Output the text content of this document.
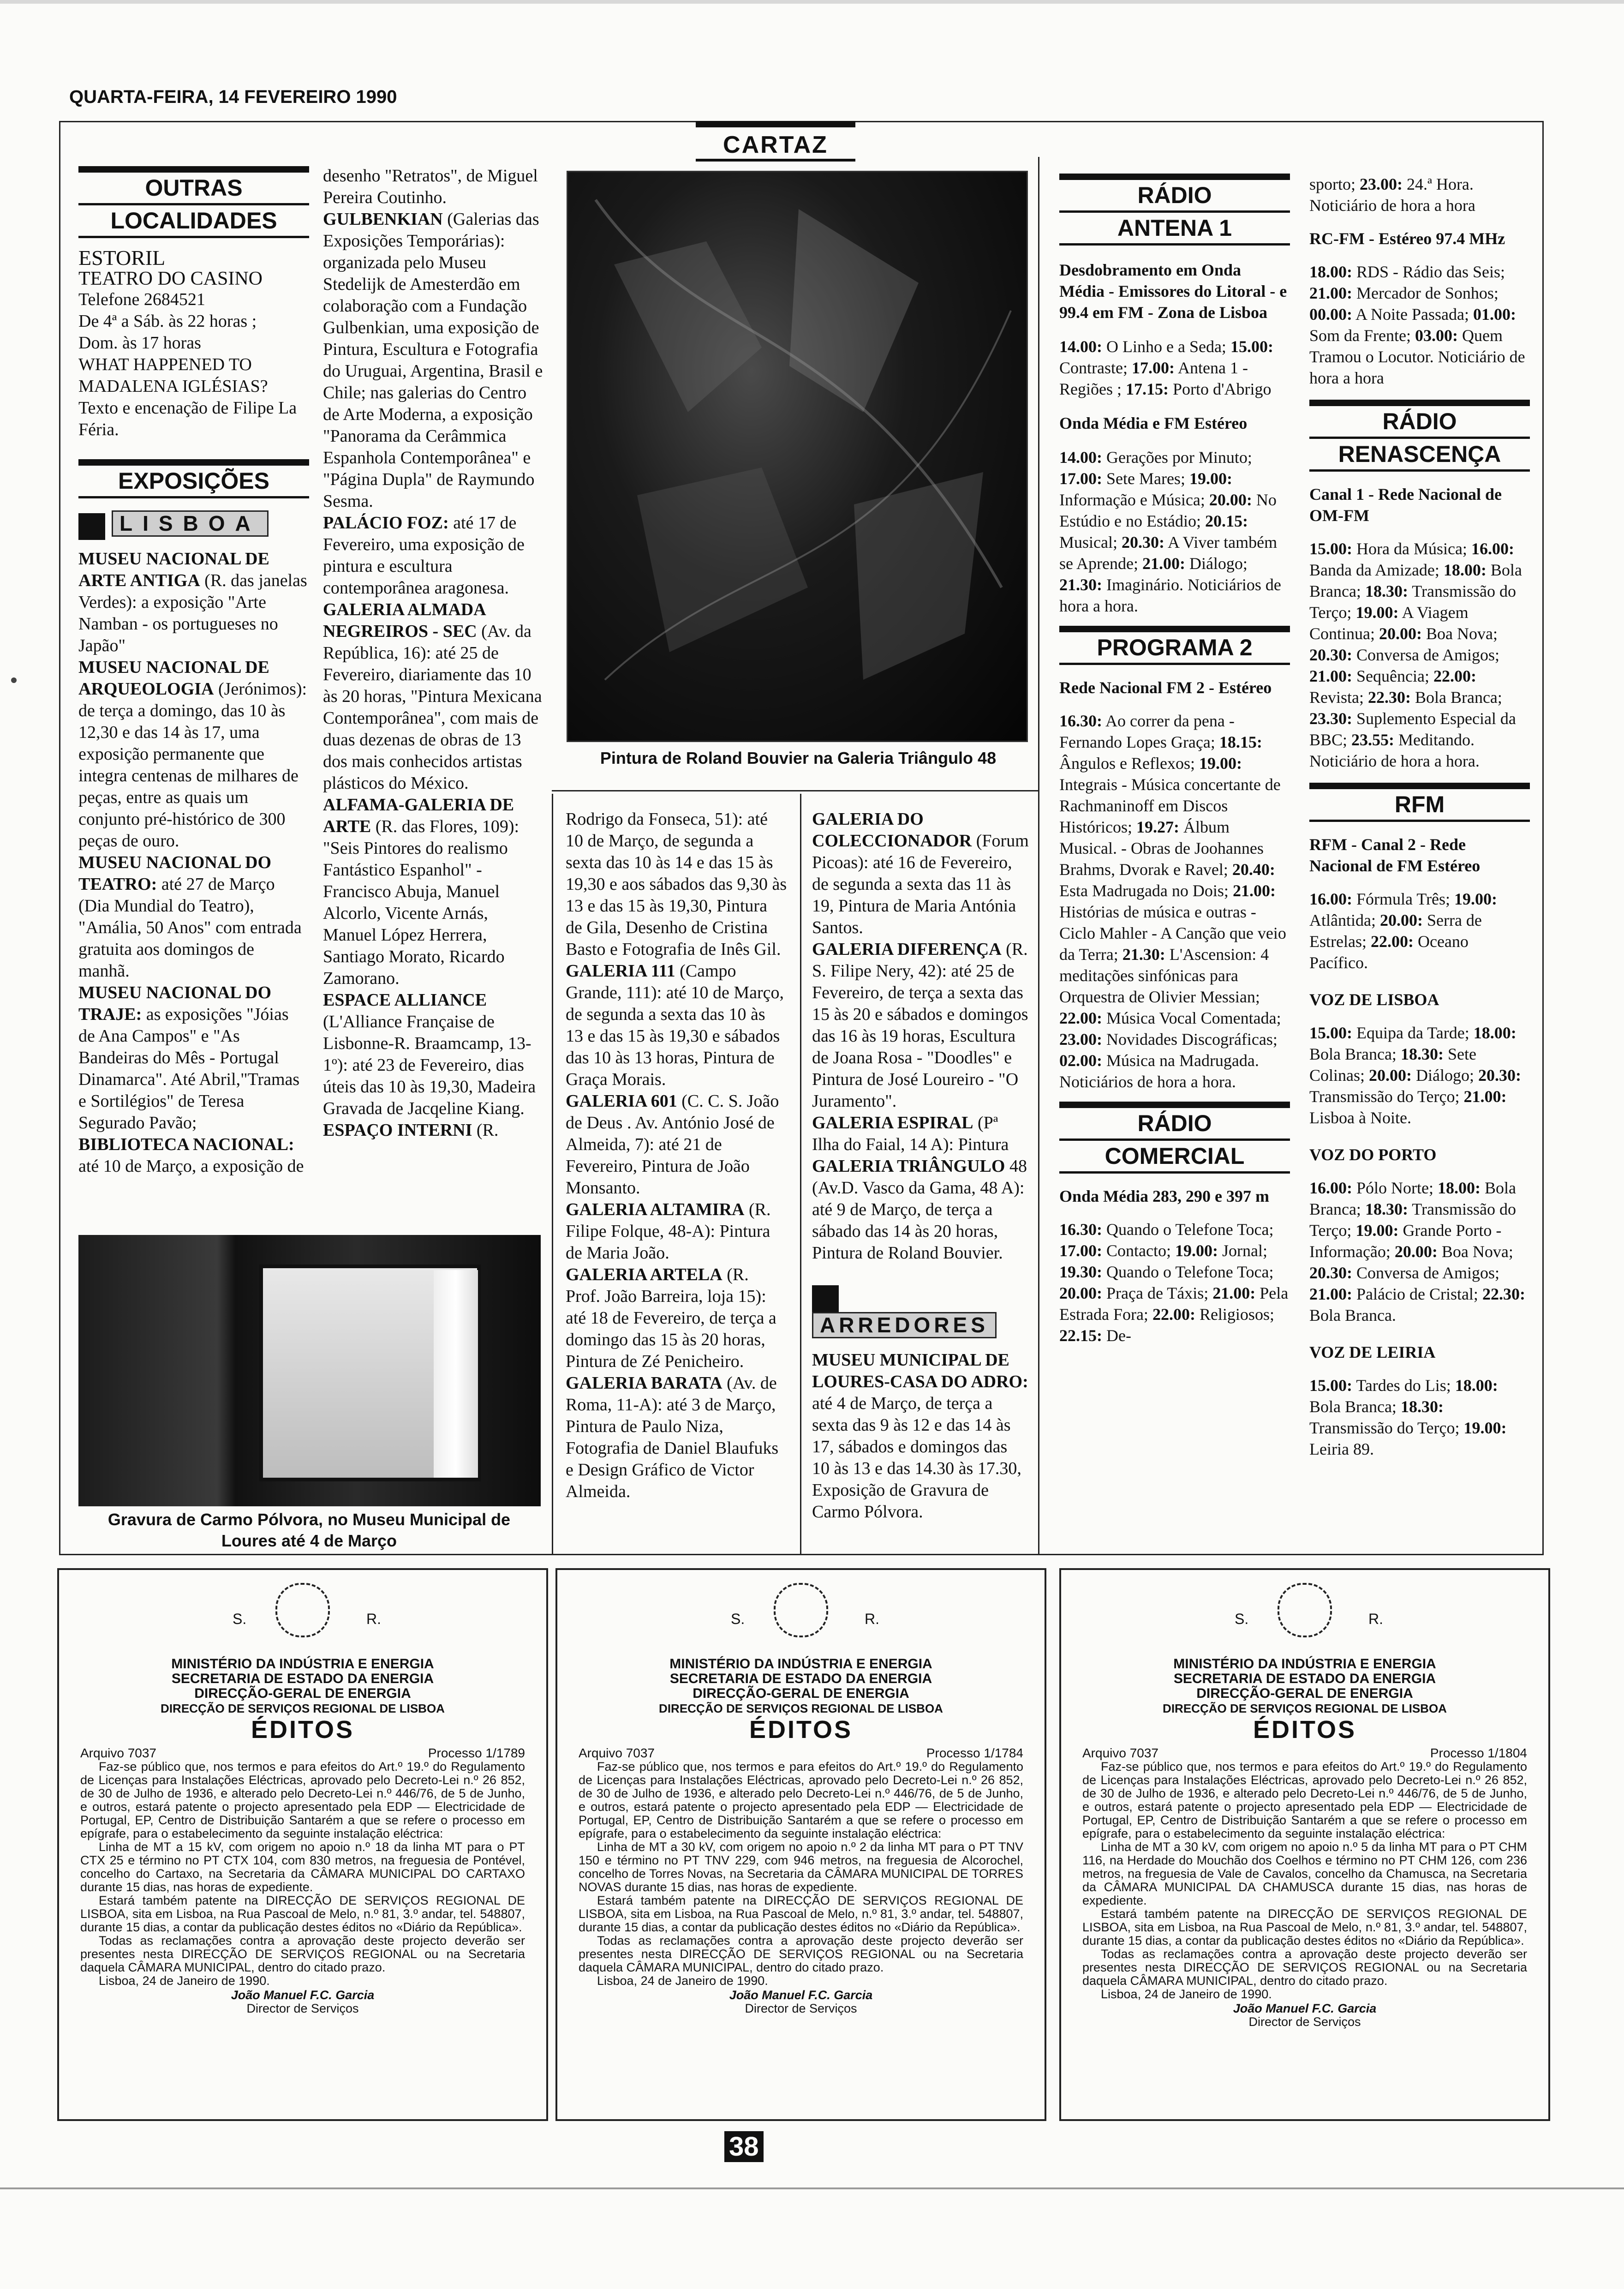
QUARTA-FEIRA, 14 FEVEREIRO 1990
CARTAZ
OUTRAS
LOCALIDADES

ESTORIL

TEATRO DO CASINO

Telefone 2684521

De 4ª a Sáb. às 22 horas ;

Dom. às 17 horas

WHAT HAPPENED TO MADALENA IGLÉSIAS?

Texto e encenação de Filipe La Féria.

EXPOSIÇÕES
LISBOA

MUSEU NACIONAL DE ARTE ANTIGA (R. das janelas Verdes): a exposição "Arte Namban - os portugueses no Japão"

MUSEU NACIONAL DE ARQUEOLOGIA (Jerónimos): de terça a domingo, das 10 às 12,30 e das 14 às 17, uma exposição permanente que integra centenas de milhares de peças, entre as quais um conjunto pré-histórico de 300 peças de ouro.

MUSEU NACIONAL DO TEATRO: até 27 de Março (Dia Mundial do Teatro), "Amália, 50 Anos" com entrada gratuita aos domingos de manhã.

MUSEU NACIONAL DO TRAJE: as exposições "Jóias de Ana Campos" e "As Bandeiras do Mês - Portugal Dinamarca". Até Abril,"Tramas e Sortilégios" de Teresa Segurado Pavão;

BIBLIOTECA NACIONAL: até 10 de Março, a exposição de

desenho "Retratos", de Miguel Pereira Coutinho.

GULBENKIAN (Galerias das Exposições Temporárias): organizada pelo Museu Stedelijk de Amesterdão em colaboração com a Fundação Gulbenkian, uma exposição de Pintura, Escultura e Fotografia do Uruguai, Argentina, Brasil e Chile; nas galerias do Centro de Arte Moderna, a exposição "Panorama da Cerâmmica Espanhola Contemporânea" e "Página Dupla" de Raymundo Sesma.

PALÁCIO FOZ: até 17 de Fevereiro, uma exposição de pintura e escultura contemporânea aragonesa.

GALERIA ALMADA NEGREIROS - SEC (Av. da República, 16): até 25 de Fevereiro, diariamente das 10 às 20 horas, "Pintura Mexicana Contemporânea", com mais de duas dezenas de obras de 13 dos mais conhecidos artistas plásticos do México.

ALFAMA-GALERIA DE ARTE (R. das Flores, 109): "Seis Pintores do realismo Fantástico Espanhol" - Francisco Abuja, Manuel Alcorlo, Vicente Arnás, Manuel López Herrera, Santiago Morato, Ricardo Zamorano.

ESPACE ALLIANCE (L'Alliance Française de Lisbonne-R. Braamcamp, 13-1º): até 23 de Fevereiro, dias úteis das 10 às 19,30, Madeira Gravada de Jacqeline Kiang.

ESPAÇO INTERNI (R.

Pintura de Roland Bouvier na Galeria Triângulo 48

Rodrigo da Fonseca, 51): até 10 de Março, de segunda a sexta das 10 às 14 e das 15 às 19,30 e aos sábados das 9,30 às 13 e das 15 às 19,30, Pintura de Gila, Desenho de Cristina Basto e Fotografia de Inês Gil.

GALERIA 111 (Campo Grande, 111): até 10 de Março, de segunda a sexta das 10 às 13 e das 15 às 19,30 e sábados das 10 às 13 horas, Pintura de Graça Morais.

GALERIA 601 (C. C. S. João de Deus . Av. António José de Almeida, 7): até 21 de Fevereiro, Pintura de João Monsanto.

GALERIA ALTAMIRA (R. Filipe Folque, 48-A): Pintura de Maria João.

GALERIA ARTELA (R. Prof. João Barreira, loja 15): até 18 de Fevereiro, de terça a domingo das 15 às 20 horas, Pintura de Zé Penicheiro.

GALERIA BARATA (Av. de Roma, 11-A): até 3 de Março, Pintura de Paulo Niza, Fotografia de Daniel Blaufuks e Design Gráfico de Victor Almeida.

GALERIA DO COLECCIONADOR (Forum Picoas): até 16 de Fevereiro, de segunda a sexta das 11 às 19, Pintura de Maria Antónia Santos.

GALERIA DIFERENÇA (R. S. Filipe Nery, 42): até 25 de Fevereiro, de terça a sexta das 15 às 20 e sábados e domingos das 16 às 19 horas, Escultura de Joana Rosa - "Doodles" e Pintura de José Loureiro - "O Juramento".

GALERIA ESPIRAL (Pª Ilha do Faial, 14 A): Pintura

GALERIA TRIÂNGULO 48 (Av.D. Vasco da Gama, 48 A): até 9 de Março, de terça a sábado das 14 às 20 horas, Pintura de Roland Bouvier.

ARREDORES

MUSEU MUNICIPAL DE LOURES-CASA DO ADRO: até 4 de Março, de terça a sexta das 9 às 12 e das 14 às 17, sábados e domingos das 10 às 13 e das 14.30 às 17.30, Exposição de Gravura de Carmo Pólvora.

Gravura de Carmo Pólvora, no Museu Municipal de Loures até 4 de Março
RÁDIO
ANTENA 1

Desdobramento em Onda Média - Emissores do Litoral - e 99.4 em FM - Zona de Lisboa

14.00: O Linho e a Seda; 15.00: Contraste; 17.00: Antena 1 - Regiões ; 17.15: Porto d'Abrigo

Onda Média e FM Estéreo

14.00: Gerações por Minuto; 17.00: Sete Mares; 19.00: Informação e Música; 20.00: No Estúdio e no Estádio; 20.15: Musical; 20.30: A Viver também se Aprende; 21.00: Diálogo; 21.30: Imaginário. Noticiários de hora a hora.

PROGRAMA 2

Rede Nacional FM 2 - Estéreo

16.30: Ao correr da pena - Fernando Lopes Graça; 18.15: Ângulos e Reflexos; 19.00: Integrais - Música concertante de Rachmaninoff em Discos Históricos; 19.27: Álbum Musical. - Obras de Joohannes Brahms, Dvorak e Ravel; 20.40: Esta Madrugada no Dois; 21.00: Histórias de música e outras - Ciclo Mahler - A Canção que veio da Terra; 21.30: L'Ascension: 4 meditações sinfónicas para Orquestra de Olivier Messian; 22.00: Música Vocal Comentada; 23.00: Novidades Discográficas; 02.00: Música na Madrugada. Noticiários de hora a hora.

RÁDIO
COMERCIAL

Onda Média 283, 290 e 397 m

16.30: Quando o Telefone Toca; 17.00: Contacto; 19.00: Jornal; 19.30: Quando o Telefone Toca; 20.00: Praça de Táxis; 21.00: Pela Estrada Fora; 22.00: Religiosos; 22.15: De-

sporto; 23.00: 24.ª Hora. Noticiário de hora a hora

RC-FM - Estéreo 97.4 MHz

18.00: RDS - Rádio das Seis; 21.00: Mercador de Sonhos; 00.00: A Noite Passada; 01.00: Som da Frente; 03.00: Quem Tramou o Locutor. Noticiário de hora a hora

RÁDIO
RENASCENÇA

Canal 1 - Rede Nacional de OM-FM

15.00: Hora da Música; 16.00: Banda da Amizade; 18.00: Bola Branca; 18.30: Transmissão do Terço; 19.00: A Viagem Continua; 20.00: Boa Nova; 20.30: Conversa de Amigos; 21.00: Sequência; 22.00: Revista; 22.30: Bola Branca; 23.30: Suplemento Especial da BBC; 23.55: Meditando. Noticiário de hora a hora.

RFM

RFM - Canal 2 - Rede Nacional de FM Estéreo

16.00: Fórmula Três; 19.00: Atlântida; 20.00: Serra de Estrelas; 22.00: Oceano Pacífico.

VOZ DE LISBOA

15.00: Equipa da Tarde; 18.00: Bola Branca; 18.30: Sete Colinas; 20.00: Diálogo; 20.30: Transmissão do Terço; 21.00: Lisboa à Noite.

VOZ DO PORTO

16.00: Pólo Norte; 18.00: Bola Branca; 18.30: Transmissão do Terço; 19.00: Grande Porto - Informação; 20.00: Boa Nova; 20.30: Conversa de Amigos; 21.00: Palácio de Cristal; 22.30: Bola Branca.

VOZ DE LEIRIA

15.00: Tardes do Lis; 18.00: Bola Branca; 18.30: Transmissão do Terço; 19.00: Leiria 89.

S.	R.
MINISTÉRIO DA INDÚSTRIA E ENERGIA
SECRETARIA DE ESTADO DA ENERGIA
DIRECÇÃO-GERAL DE ENERGIA
DIRECÇÃO DE SERVIÇOS REGIONAL DE LISBOA
ÉDITOS
Arquivo 7037	Processo 1/1789

Faz-se público que, nos termos e para efeitos do Art.º 19.º do Regulamento de Licenças para Instalações Eléctricas, aprovado pelo Decreto-Lei n.º 26 852, de 30 de Julho de 1936, e alterado pelo Decreto-Lei n.º 446/76, de 5 de Junho, e outros, estará patente o projecto apresentado pela EDP — Electricidade de Portugal, EP, Centro de Distribuição Santarém a que se refere o processo em epígrafe, para o estabelecimento da seguinte instalação eléctrica:

Linha de MT a 15 kV, com origem no apoio n.º 18 da linha MT para o PT CTX 25 e término no PT CTX 104, com 830 metros, na freguesia de Pontével, concelho do Cartaxo, na Secretaria da CÂMARA MUNICIPAL DO CARTAXO durante 15 dias, nas horas de expediente.

Estará também patente na DIRECÇÃO DE SERVIÇOS REGIONAL DE LISBOA, sita em Lisboa, na Rua Pascoal de Melo, n.º 81, 3.º andar, tel. 548807, durante 15 dias, a contar da publicação destes éditos no «Diário da República».

Todas as reclamações contra a aprovação deste projecto deverão ser presentes nesta DIRECÇÃO DE SERVIÇOS REGIONAL ou na Secretaria daquela CÂMARA MUNICIPAL, dentro do citado prazo.

Lisboa, 24 de Janeiro de 1990.

João Manuel F.C. Garcia
Director de Serviços
S.	R.
MINISTÉRIO DA INDÚSTRIA E ENERGIA
SECRETARIA DE ESTADO DA ENERGIA
DIRECÇÃO-GERAL DE ENERGIA
DIRECÇÃO DE SERVIÇOS REGIONAL DE LISBOA
ÉDITOS
Arquivo 7037	Processo 1/1784

Faz-se público que, nos termos e para efeitos do Art.º 19.º do Regulamento de Licenças para Instalações Eléctricas, aprovado pelo Decreto-Lei n.º 26 852, de 30 de Julho de 1936, e alterado pelo Decreto-Lei n.º 446/76, de 5 de Junho, e outros, estará patente o projecto apresentado pela EDP — Electricidade de Portugal, EP, Centro de Distribuição Santarém a que se refere o processo em epígrafe, para o estabelecimento da seguinte instalação eléctrica:

Linha de MT a 30 kV, com origem no apoio n.º 2 da linha MT para o PT TNV 150 e término no PT TNV 229, com 946 metros, na freguesia de Alcorochel, concelho de Torres Novas, na Secretaria da CÂMARA MUNICIPAL DE TORRES NOVAS durante 15 dias, nas horas de expediente.

Estará também patente na DIRECÇÃO DE SERVIÇOS REGIONAL DE LISBOA, sita em Lisboa, na Rua Pascoal de Melo, n.º 81, 3.º andar, tel. 548807, durante 15 dias, a contar da publicação destes éditos no «Diário da República».

Todas as reclamações contra a aprovação deste projecto deverão ser presentes nesta DIRECÇÃO DE SERVIÇOS REGIONAL ou na Secretaria daquela CÂMARA MUNICIPAL, dentro do citado prazo.

Lisboa, 24 de Janeiro de 1990.

João Manuel F.C. Garcia
Director de Serviços
S.	R.
MINISTÉRIO DA INDÚSTRIA E ENERGIA
SECRETARIA DE ESTADO DA ENERGIA
DIRECÇÃO-GERAL DE ENERGIA
DIRECÇÃO DE SERVIÇOS REGIONAL DE LISBOA
ÉDITOS
Arquivo 7037	Processo 1/1804

Faz-se público que, nos termos e para efeitos do Art.º 19.º do Regulamento de Licenças para Instalações Eléctricas, aprovado pelo Decreto-Lei n.º 26 852, de 30 de Julho de 1936, e alterado pelo Decreto-Lei n.º 446/76, de 5 de Junho, e outros, estará patente o projecto apresentado pela EDP — Electricidade de Portugal, EP, Centro de Distribuição Santarém a que se refere o processo em epígrafe, para o estabelecimento da seguinte instalação eléctrica:

Linha de MT a 30 kV, com origem no apoio n.º 5 da linha MT para o PT CHM 116, na Herdade do Mouchão dos Coelhos e término no PT CHM 126, com 236 metros, na freguesia de Vale de Cavalos, concelho da Chamusca, na Secretaria da CÂMARA MUNICIPAL DA CHAMUSCA durante 15 dias, nas horas de expediente.

Estará também patente na DIRECÇÃO DE SERVIÇOS REGIONAL DE LISBOA, sita em Lisboa, na Rua Pascoal de Melo, n.º 81, 3.º andar, tel. 548807, durante 15 dias, a contar da publicação destes éditos no «Diário da República».

Todas as reclamações contra a aprovação deste projecto deverão ser presentes nesta DIRECÇÃO DE SERVIÇOS REGIONAL ou na Secretaria daquela CÂMARA MUNICIPAL, dentro do citado prazo.

Lisboa, 24 de Janeiro de 1990.

João Manuel F.C. Garcia
Director de Serviços
38
